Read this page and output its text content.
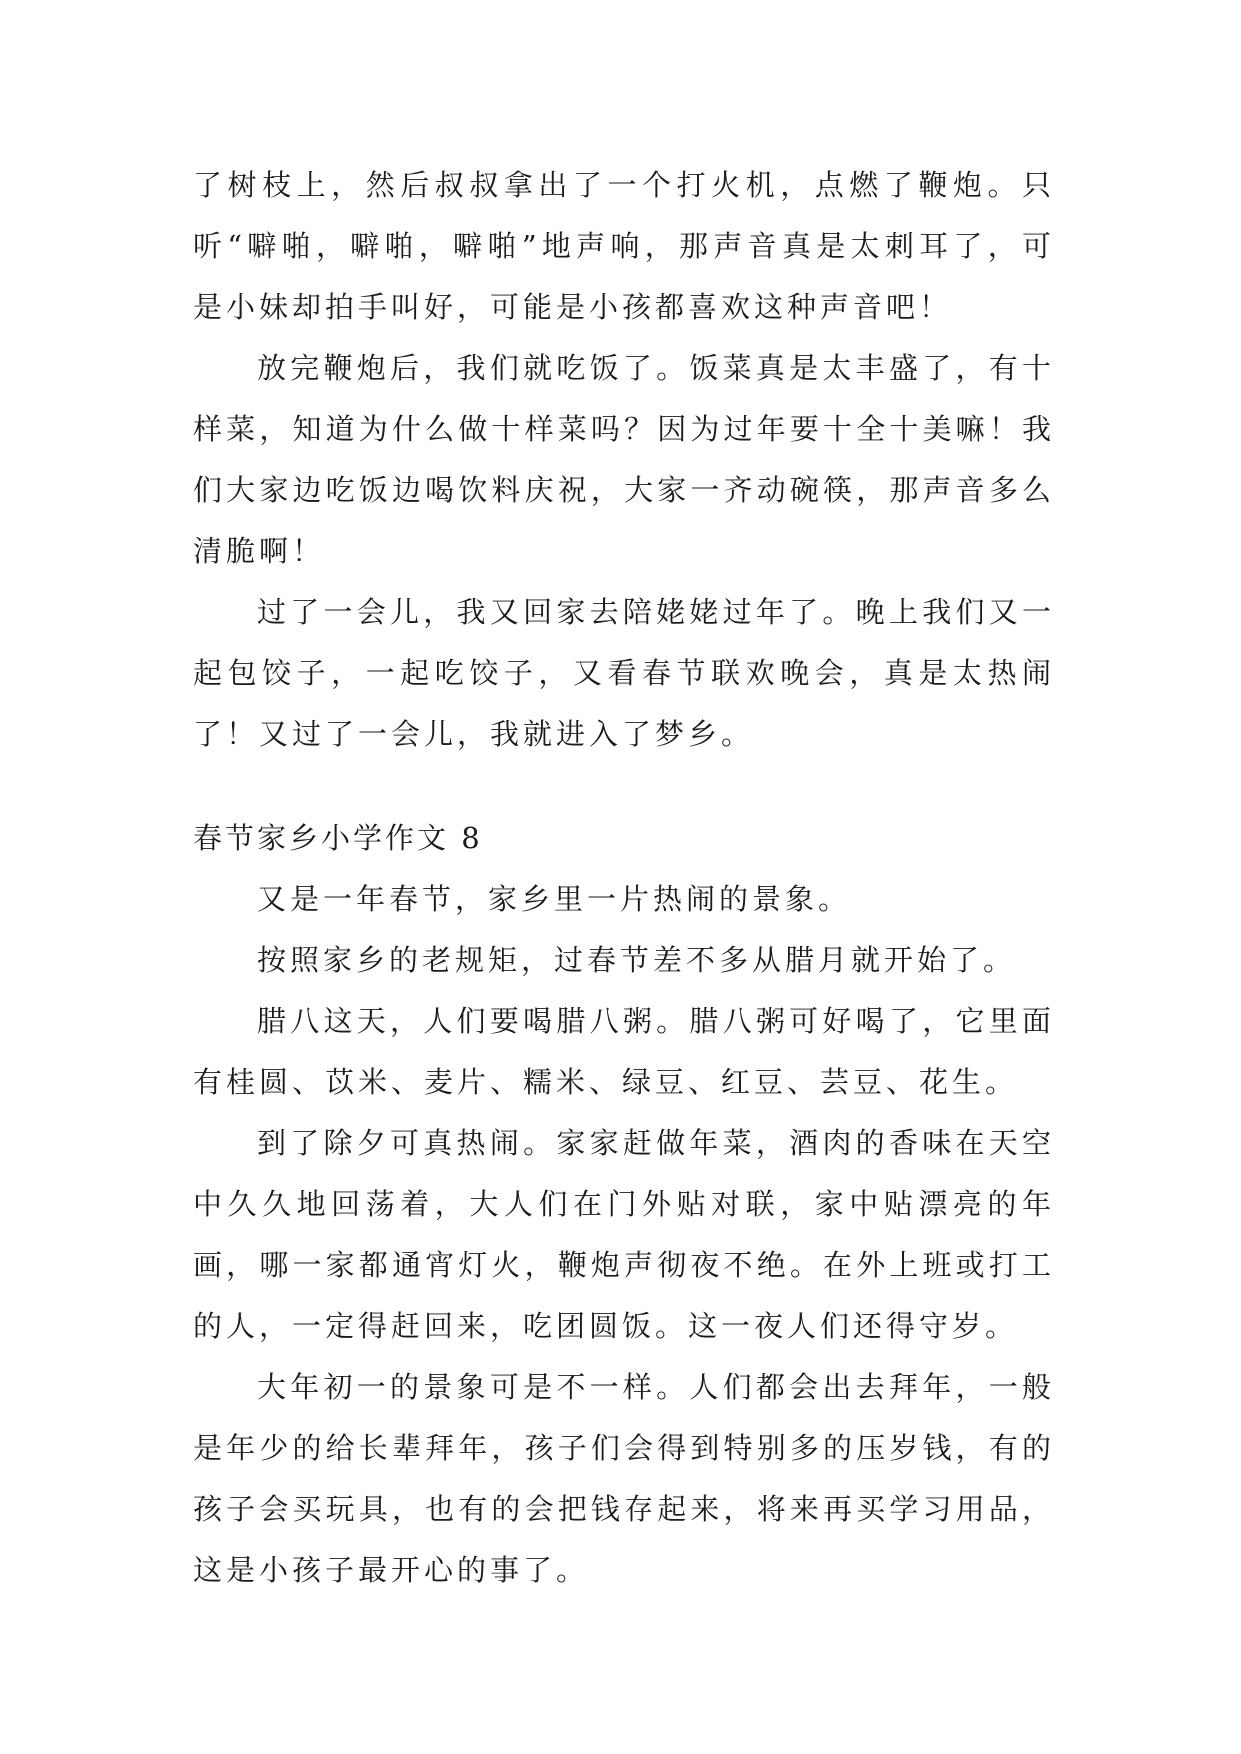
了树枝上，然后叔叔拿出了一个打火机，点燃了鞭炮。只听“噼啪，噼啪，噼啪”地声响，那声音真是太刺耳了，可是小妹却拍手叫好，可能是小孩都喜欢这种声音吧！

放完鞭炮后，我们就吃饭了。饭菜真是太丰盛了，有十样菜，知道为什么做十样菜吗？因为过年要十全十美嘛！我们大家边吃饭边喝饮料庆祝，大家一齐动碗筷，那声音多么清脆啊！

过了一会儿，我又回家去陪姥姥过年了。晚上我们又一起包饺子，一起吃饺子，又看春节联欢晚会，真是太热闹了！又过了一会儿，我就进入了梦乡。

春节家乡小学作文 8

又是一年春节，家乡里一片热闹的景象。

按照家乡的老规矩，过春节差不多从腊月就开始了。

腊八这天，人们要喝腊八粥。腊八粥可好喝了，它里面有桂圆、苡米、麦片、糯米、绿豆、红豆、芸豆、花生。

到了除夕可真热闹。家家赶做年菜，酒肉的香味在天空中久久地回荡着，大人们在门外贴对联，家中贴漂亮的年画，哪一家都通宵灯火，鞭炮声彻夜不绝。在外上班或打工的人，一定得赶回来，吃团圆饭。这一夜人们还得守岁。

大年初一的景象可是不一样。人们都会出去拜年，一般是年少的给长辈拜年，孩子们会得到特别多的压岁钱，有的孩子会买玩具，也有的会把钱存起来，将来再买学习用品，这是小孩子最开心的事了。
